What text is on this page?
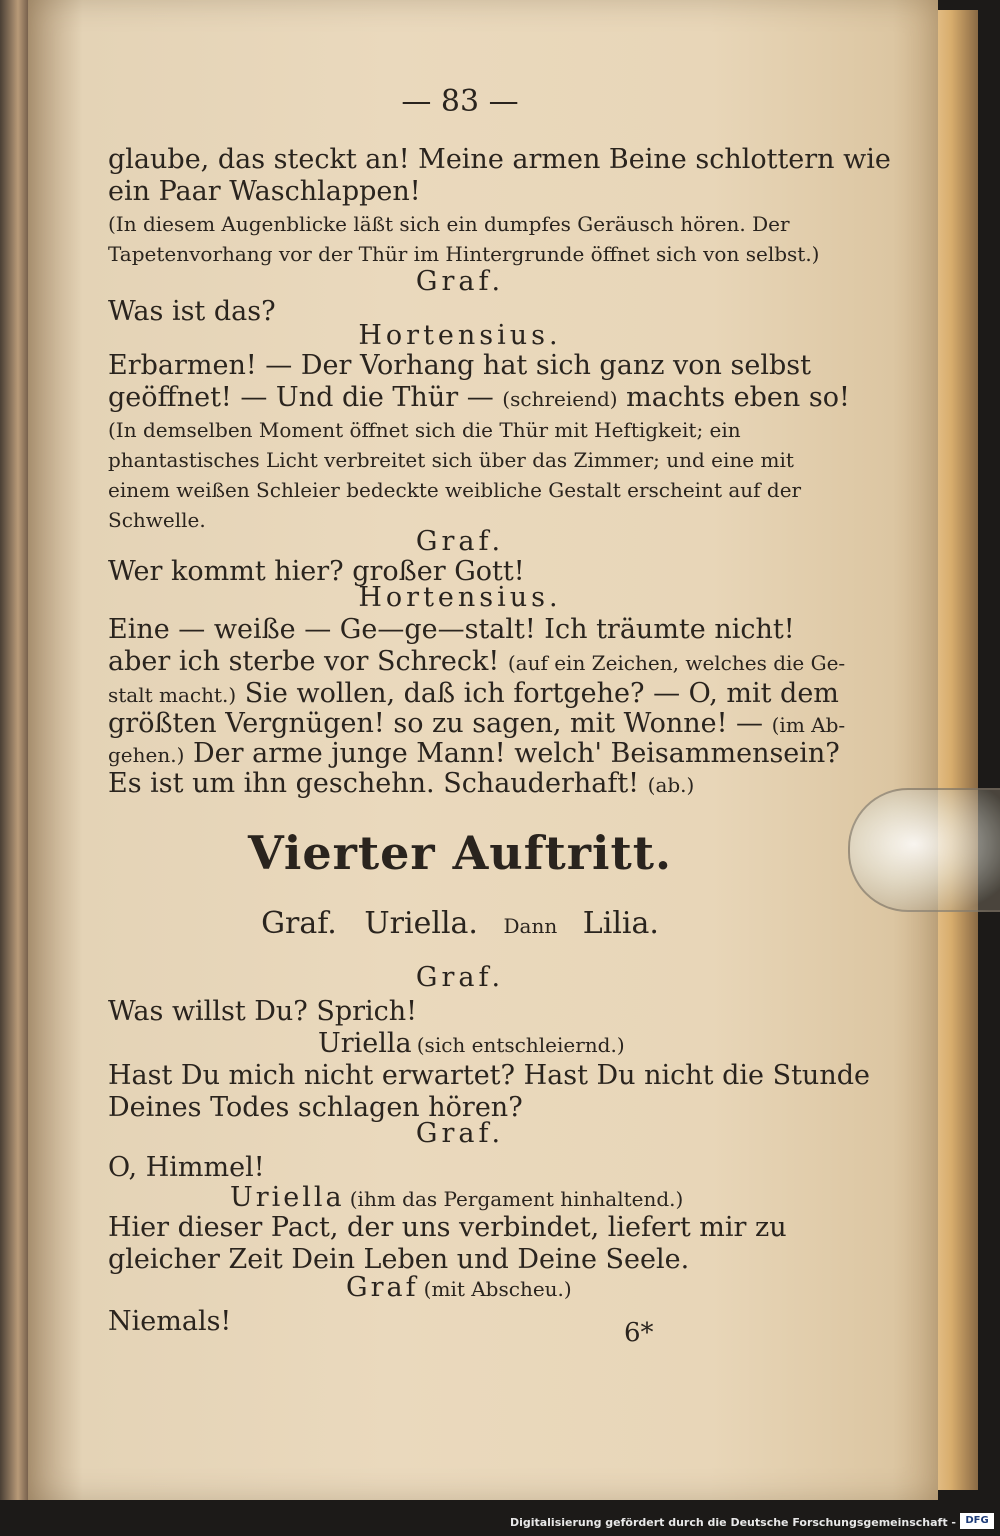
— 83 —
glaube, das steckt an! Meine armen Beine schlottern wie
ein Paar Waschlappen!
(In diesem Augenblicke läßt sich ein dumpfes Geräusch hören. Der
Tapetenvorhang vor der Thür im Hintergrunde öffnet sich von selbst.)
Graf.
Was ist das?
Hortensius.
Erbarmen! — Der Vorhang hat sich ganz von selbst
geöffnet! — Und die Thür — (schreiend) machts eben so!
(In demselben Moment öffnet sich die Thür mit Heftigkeit; ein
phantastisches Licht verbreitet sich über das Zimmer; und eine mit
einem weißen Schleier bedeckte weibliche Gestalt erscheint auf der
Schwelle.
Graf.
Wer kommt hier? großer Gott!
Hortensius.
Eine — weiße — Ge—ge—stalt! Ich träumte nicht!
aber ich sterbe vor Schreck! (auf ein Zeichen, welches die Ge-
stalt macht.) Sie wollen, daß ich fortgehe? — O, mit dem
größten Vergnügen! so zu sagen, mit Wonne! — (im Ab-
gehen.) Der arme junge Mann! welch' Beisammensein?
Es ist um ihn geschehn. Schauderhaft! (ab.)
Vierter Auftritt.
Graf. Uriella. Dann Lilia.
Graf.
Was willst Du? Sprich!
Uriella (sich entschleiernd.)
Hast Du mich nicht erwartet? Hast Du nicht die Stunde
Deines Todes schlagen hören?
Graf.
O, Himmel!
Uriella (ihm das Pergament hinhaltend.)
Hier dieser Pact, der uns verbindet, liefert mir zu
gleicher Zeit Dein Leben und Deine Seele.
Graf (mit Abscheu.)
Niemals!	6*
Digitalisierung gefördert durch die Deutsche Forschungsgemeinschaft - DFG
